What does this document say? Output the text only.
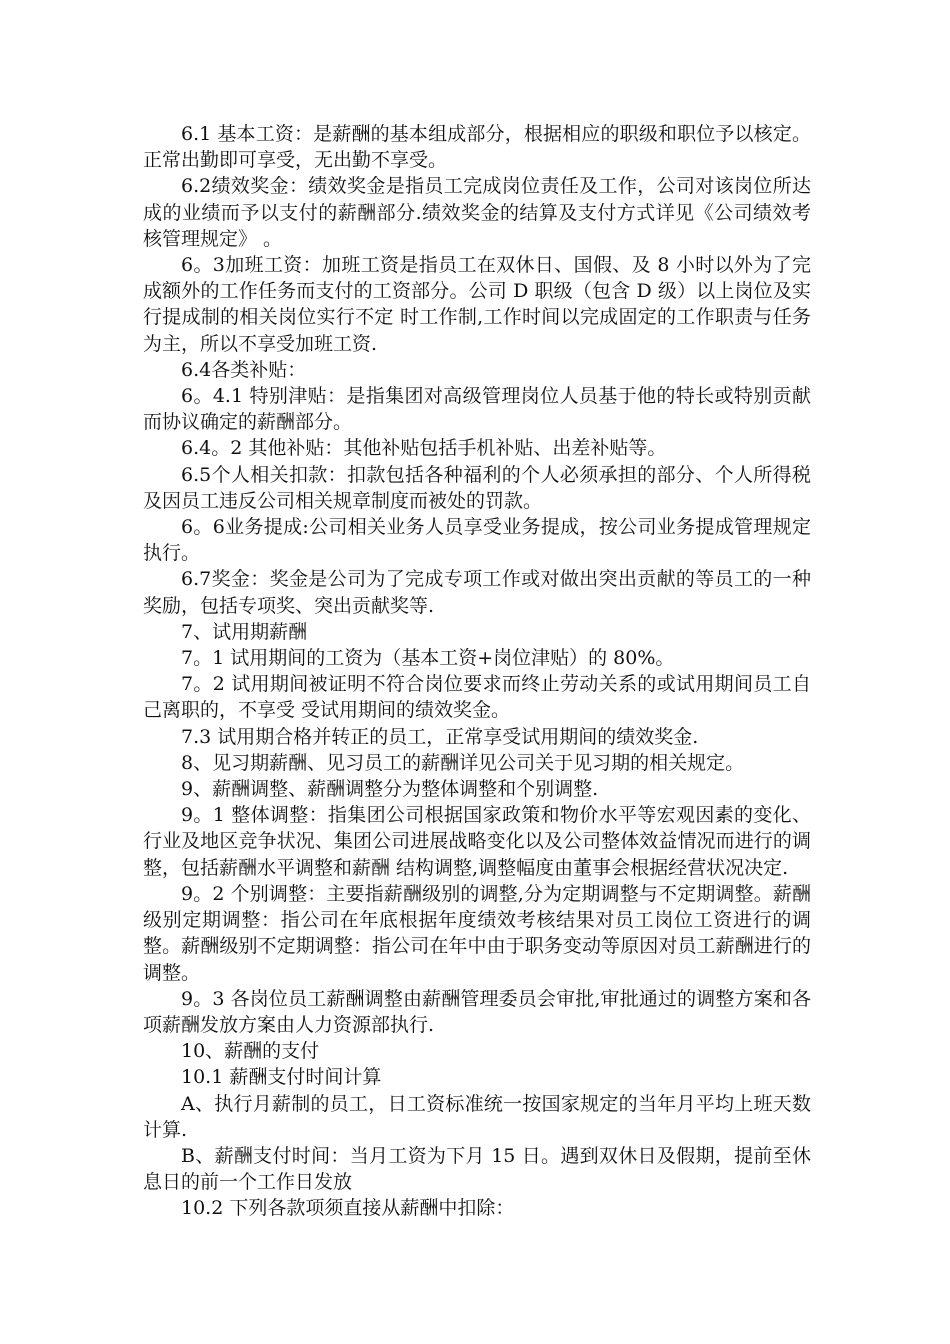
6.1 基本工资：是薪酬的基本组成部分，根据相应的职级和职位予以核定。正常出勤即可享受，无出勤不享受。

6.2绩效奖金：绩效奖金是指员工完成岗位责任及工作，公司对该岗位所达成的业绩而予以支付的薪酬部分.绩效奖金的结算及支付方式详见《公司绩效考核管理规定》 。

6。3加班工资：加班工资是指员工在双休日、国假、及 8 小时以外为了完成额外的工作任务而支付的工资部分。公司 D 职级（包含 D 级）以上岗位及实行提成制的相关岗位实行不定 时工作制,工作时间以完成固定的工作职责与任务为主，所以不享受加班工资.

6.4各类补贴：

6。4.1 特别津贴：是指集团对高级管理岗位人员基于他的特长或特别贡献而协议确定的薪酬部分。

6.4。2 其他补贴：其他补贴包括手机补贴、出差补贴等。

6.5个人相关扣款：扣款包括各种福利的个人必须承担的部分、个人所得税及因员工违反公司相关规章制度而被处的罚款。

6。6业务提成:公司相关业务人员享受业务提成，按公司业务提成管理规定执行。

6.7奖金：奖金是公司为了完成专项工作或对做出突出贡献的等员工的一种奖励，包括专项奖、突出贡献奖等.

7、试用期薪酬

7。1 试用期间的工资为（基本工资+岗位津贴）的 80%。

7。2 试用期间被证明不符合岗位要求而终止劳动关系的或试用期间员工自己离职的，不享受 受试用期间的绩效奖金。

7.3 试用期合格并转正的员工，正常享受试用期间的绩效奖金.

8、见习期薪酬、见习员工的薪酬详见公司关于见习期的相关规定。

9、薪酬调整、薪酬调整分为整体调整和个别调整.

9。1 整体调整：指集团公司根据国家政策和物价水平等宏观因素的变化、行业及地区竞争状况、集团公司进展战略变化以及公司整体效益情况而进行的调整，包括薪酬水平调整和薪酬 结构调整,调整幅度由董事会根据经营状况决定.

9。2 个别调整：主要指薪酬级别的调整,分为定期调整与不定期调整。薪酬级别定期调整：指公司在年底根据年度绩效考核结果对员工岗位工资进行的调整。薪酬级别不定期调整：指公司在年中由于职务变动等原因对员工薪酬进行的调整。

9。3 各岗位员工薪酬调整由薪酬管理委员会审批,审批通过的调整方案和各项薪酬发放方案由人力资源部执行.

10、薪酬的支付

10.1 薪酬支付时间计算

A、执行月薪制的员工，日工资标准统一按国家规定的当年月平均上班天数计算.

B、薪酬支付时间：当月工资为下月 15 日。遇到双休日及假期，提前至休息日的前一个工作日发放

10.2 下列各款项须直接从薪酬中扣除：
